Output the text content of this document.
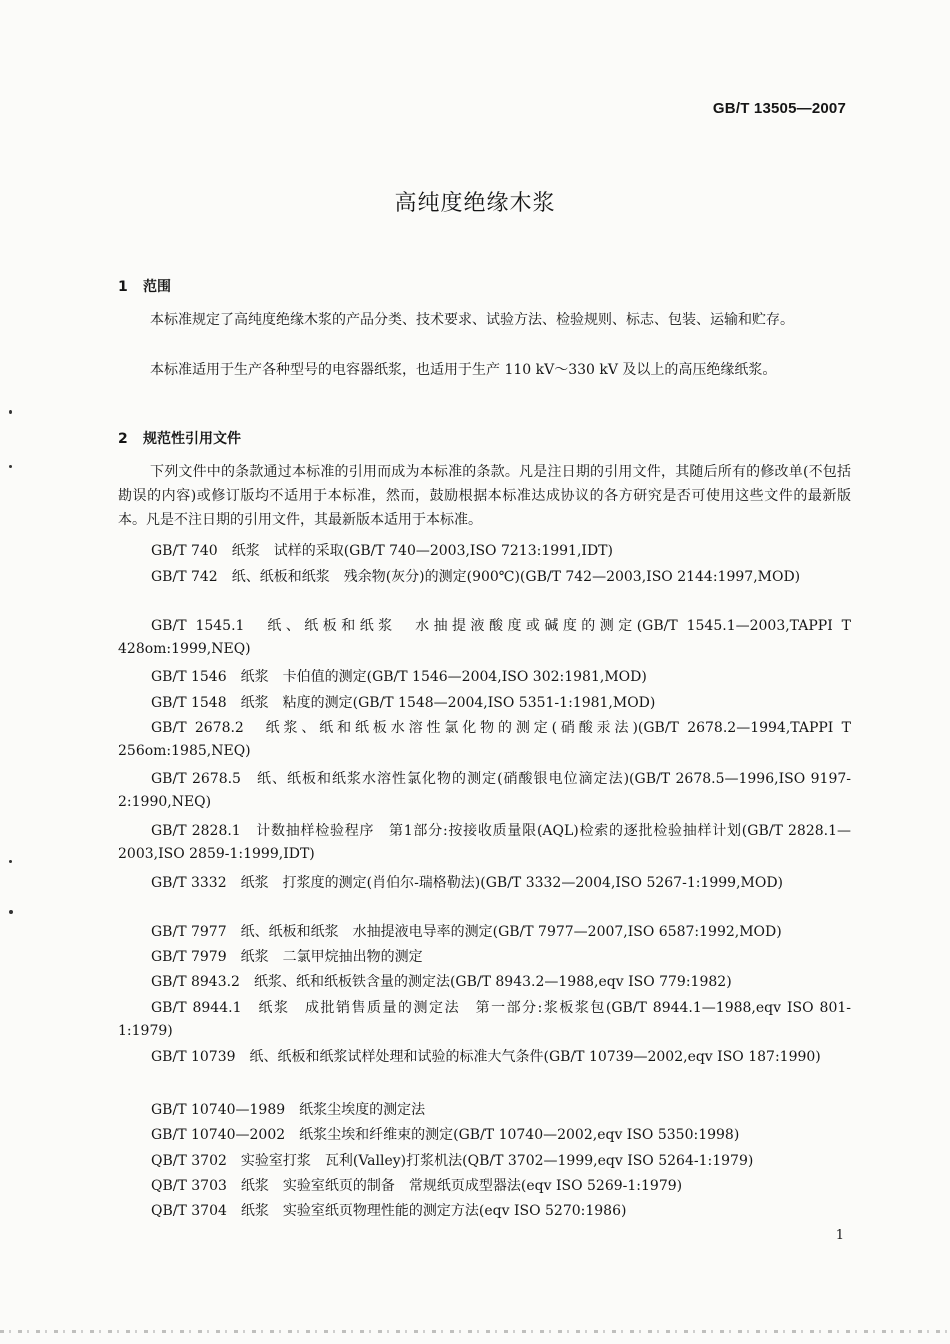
GB/T 13505—2007
高纯度绝缘木浆
1 范围
本标准规定了高纯度绝缘木浆的产品分类、技术要求、试验方法、检验规则、标志、包装、运输和贮存。
本标准适用于生产各种型号的电容器纸浆，也适用于生产 110 kV～330 kV 及以上的高压绝缘纸浆。
2 规范性引用文件
下列文件中的条款通过本标准的引用而成为本标准的条款。凡是注日期的引用文件，其随后所有的修改单(不包括勘误的内容)或修订版均不适用于本标准，然而，鼓励根据本标准达成协议的各方研究是否可使用这些文件的最新版本。凡是不注日期的引用文件，其最新版本适用于本标准。
GB/T 740　纸浆　试样的采取(GB/T 740—2003,ISO 7213:1991,IDT)
GB/T 742　纸、纸板和纸浆　残余物(灰分)的测定(900℃)(GB/T 742—2003,ISO 2144:1997,MOD)
GB/T 1545.1　纸、纸板和纸浆　水抽提液酸度或碱度的测定(GB/T 1545.1—2003,TAPPI T 428om:1999,NEQ)
GB/T 1546　纸浆　卡伯值的测定(GB/T 1546—2004,ISO 302:1981,MOD)
GB/T 1548　纸浆　粘度的测定(GB/T 1548—2004,ISO 5351-1:1981,MOD)
GB/T 2678.2　纸浆、纸和纸板水溶性氯化物的测定(硝酸汞法)(GB/T 2678.2—1994,TAPPI T 256om:1985,NEQ)
GB/T 2678.5　纸、纸板和纸浆水溶性氯化物的测定(硝酸银电位滴定法)(GB/T 2678.5—1996,ISO 9197-2:1990,NEQ)
GB/T 2828.1　计数抽样检验程序　第1部分:按接收质量限(AQL)检索的逐批检验抽样计划(GB/T 2828.1—2003,ISO 2859-1:1999,IDT)
GB/T 3332　纸浆　打浆度的测定(肖伯尔-瑞格勒法)(GB/T 3332—2004,ISO 5267-1:1999,MOD)
GB/T 7977　纸、纸板和纸浆　水抽提液电导率的测定(GB/T 7977—2007,ISO 6587:1992,MOD)
GB/T 7979　纸浆　二氯甲烷抽出物的测定
GB/T 8943.2　纸浆、纸和纸板铁含量的测定法(GB/T 8943.2—1988,eqv ISO 779:1982)
GB/T 8944.1　纸浆　成批销售质量的测定法　第一部分:浆板浆包(GB/T 8944.1—1988,eqv ISO 801-1:1979)
GB/T 10739　纸、纸板和纸浆试样处理和试验的标准大气条件(GB/T 10739—2002,eqv ISO 187:1990)
GB/T 10740—1989　纸浆尘埃度的测定法
GB/T 10740—2002　纸浆尘埃和纤维束的测定(GB/T 10740—2002,eqv ISO 5350:1998)
QB/T 3702　实验室打浆　瓦利(Valley)打浆机法(QB/T 3702—1999,eqv ISO 5264-1:1979)
QB/T 3703　纸浆　实验室纸页的制备　常规纸页成型器法(eqv ISO 5269-1:1979)
QB/T 3704　纸浆　实验室纸页物理性能的测定方法(eqv ISO 5270:1986)
1
